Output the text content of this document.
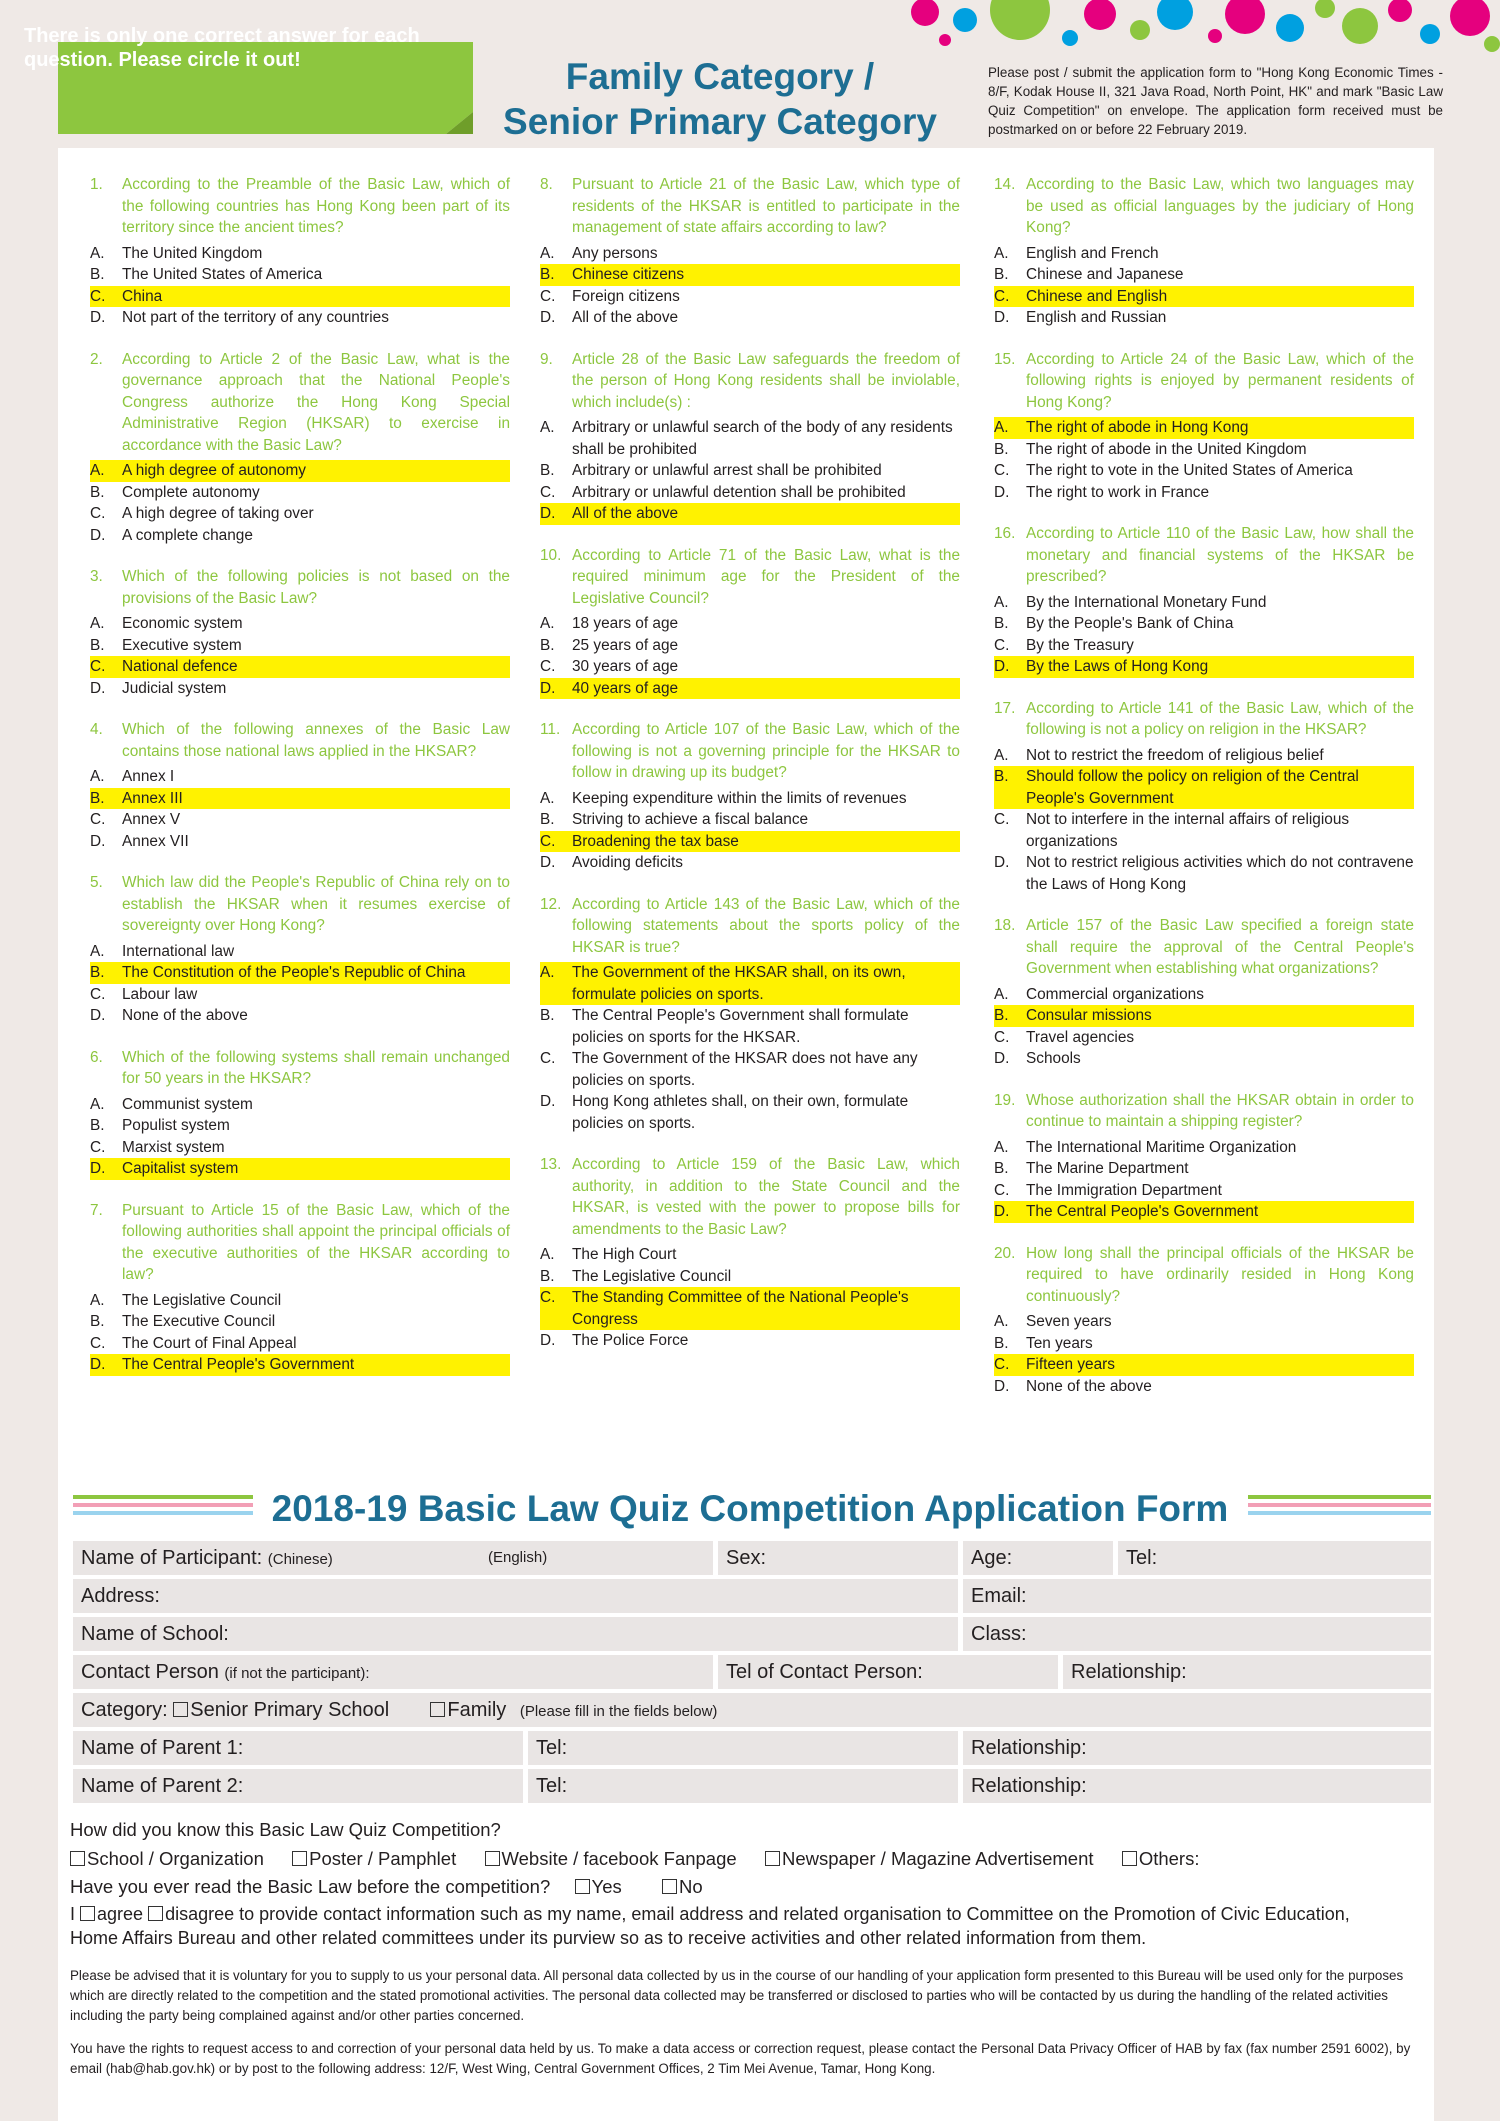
There is only one correct answer for each question. Please circle it out!	Family Category /
Senior Primary Category
Please post / submit the application form to "Hong Kong Economic Times - 8/F, Kodak House II, 321 Java Road, North Point, HK" and mark "Basic Law Quiz Competition" on envelope. The application form received must be postmarked on or before 22 February 2019.
1.	According to the Preamble of the Basic Law, which of the following countries has Hong Kong been part of its territory since the ancient times?
A.	The United Kingdom
B.	The United States of America
C.	China
D.	Not part of the territory of any countries
2.	According to Article 2 of the Basic Law, what is the governance approach that the National People's Congress authorize the Hong Kong Special Administrative Region (HKSAR) to exercise in accordance with the Basic Law?
A.	A high degree of autonomy
B.	Complete autonomy
C.	A high degree of taking over
D.	A complete change
3.	Which of the following policies is not based on the provisions of the Basic Law?
A.	Economic system
B.	Executive system
C.	National defence
D.	Judicial system
4.	Which of the following annexes of the Basic Law contains those national laws applied in the HKSAR?
A.	Annex I
B.	Annex III
C.	Annex V
D.	Annex VII
5.	Which law did the People's Republic of China rely on to establish the HKSAR when it resumes exercise of sovereignty over Hong Kong?
A.	International law
B.	The Constitution of the People's Republic of China
C.	Labour law
D.	None of the above
6.	Which of the following systems shall remain unchanged for 50 years in the HKSAR?
A.	Communist system
B.	Populist system
C.	Marxist system
D.	Capitalist system
7.	Pursuant to Article 15 of the Basic Law, which of the following authorities shall appoint the principal officials of the executive authorities of the HKSAR according to law?
A.	The Legislative Council
B.	The Executive Council
C.	The Court of Final Appeal
D.	The Central People's Government
8.	Pursuant to Article 21 of the Basic Law, which type of residents of the HKSAR is entitled to participate in the management of state affairs according to law?
A.	Any persons
B.	Chinese citizens
C.	Foreign citizens
D.	All of the above
9.	Article 28 of the Basic Law safeguards the freedom of the person of Hong Kong residents shall be inviolable, which include(s) :
A.	Arbitrary or unlawful search of the body of any residents shall be prohibited
B.	Arbitrary or unlawful arrest shall be prohibited
C.	Arbitrary or unlawful detention shall be prohibited
D.	All of the above
10. According to Article 71 of the Basic Law, what is the required minimum age for the President of the Legislative Council?
A.	18 years of age
B.	25 years of age
C.	30 years of age
D.	40 years of age
11. According to Article 107 of the Basic Law, which of the following is not a governing principle for the HKSAR to follow in drawing up its budget?
A.	Keeping expenditure within the limits of revenues
B.	Striving to achieve a fiscal balance
C.	Broadening the tax base
D.	Avoiding deficits
12. According to Article 143 of the Basic Law, which of the following statements about the sports policy of the HKSAR is true?
A.	The Government of the HKSAR shall, on its own, formulate policies on sports.
B.	The Central People's Government shall formulate policies on sports for the HKSAR.
C.	The Government of the HKSAR does not have any policies on sports.
D.	Hong Kong athletes shall, on their own, formulate policies on sports.
13. According to Article 159 of the Basic Law, which authority, in addition to the State Council and the HKSAR, is vested with the power to propose bills for amendments to the Basic Law?
A.	The High Court
B.	The Legislative Council
C.	The Standing Committee of the National People's Congress
D.	The Police Force
14. According to the Basic Law, which two languages may be used as official languages by the judiciary of Hong Kong?
A.	English and French
B.	Chinese and Japanese
C.	Chinese and English
D.	English and Russian
15. According to Article 24 of the Basic Law, which of the following rights is enjoyed by permanent residents of Hong Kong?
A.	The right of abode in Hong Kong
B.	The right of abode in the United Kingdom
C.	The right to vote in the United States of America
D.	The right to work in France
16. According to Article 110 of the Basic Law, how shall the monetary and financial systems of the HKSAR be prescribed?
A.	By the International Monetary Fund
B.	By the People's Bank of China
C.	By the Treasury
D.	By the Laws of Hong Kong
17. According to Article 141 of the Basic Law, which of the following is not a policy on religion in the HKSAR?
A.	Not to restrict the freedom of religious belief
B.	Should follow the policy on religion of the Central People's Government
C.	Not to interfere in the internal affairs of religious organizations
D.	Not to restrict religious activities which do not contravene the Laws of Hong Kong
18. Article 157 of the Basic Law specified a foreign state shall require the approval of the Central People's Government when establishing what organizations?
A.	Commercial organizations
B.	Consular missions
C.	Travel agencies
D.	Schools
19. Whose authorization shall the HKSAR obtain in order to continue to maintain a shipping register?
A.	The International Maritime Organization
B.	The Marine Department
C.	The Immigration Department
D.	The Central People's Government
20. How long shall the principal officials of the HKSAR be required to have ordinarily resided in Hong Kong continuously?
A.	Seven years
B.	Ten years
C.	Fifteen years
D.	None of the above
2018-19 Basic Law Quiz Competition Application Form
Name of Participant: (Chinese)	(English)	Sex:	Age:	Tel:
Address:	Email:
Name of School:	Class:
Contact Person (if not the participant):	Tel of Contact Person:	Relationship:
Category: Senior Primary School	Family (Please fill in the fields below)
Name of Parent 1:	Tel:	Relationship:
Name of Parent 2:	Tel:	Relationship:
How did you know this Basic Law Quiz Competition?
School / Organization Poster / Pamphlet Website / facebook Fanpage Newspaper / Magazine Advertisement Others:
Have you ever read the Basic Law before the competition? Yes	No
I agree disagree to provide contact information such as my name, email address and related organisation to Committee on the Promotion of Civic Education,
Home Affairs Bureau and other related committees under its purview so as to receive activities and other related information from them.
Please be advised that it is voluntary for you to supply to us your personal data. All personal data collected by us in the course of our handling of your application form presented to this Bureau will be used only for the purposes which are directly related to the competition and the stated promotional activities. The personal data collected may be transferred or disclosed to parties who will be contacted by us during the handling of the related activities including the party being complained against and/or other parties concerned.
You have the rights to request access to and correction of your personal data held by us. To make a data access or correction request, please contact the Personal Data Privacy Officer of HAB by fax (fax number 2591 6002), by email (hab@hab.gov.hk) or by post to the following address: 12/F, West Wing, Central Government Offices, 2 Tim Mei Avenue, Tamar, Hong Kong.
